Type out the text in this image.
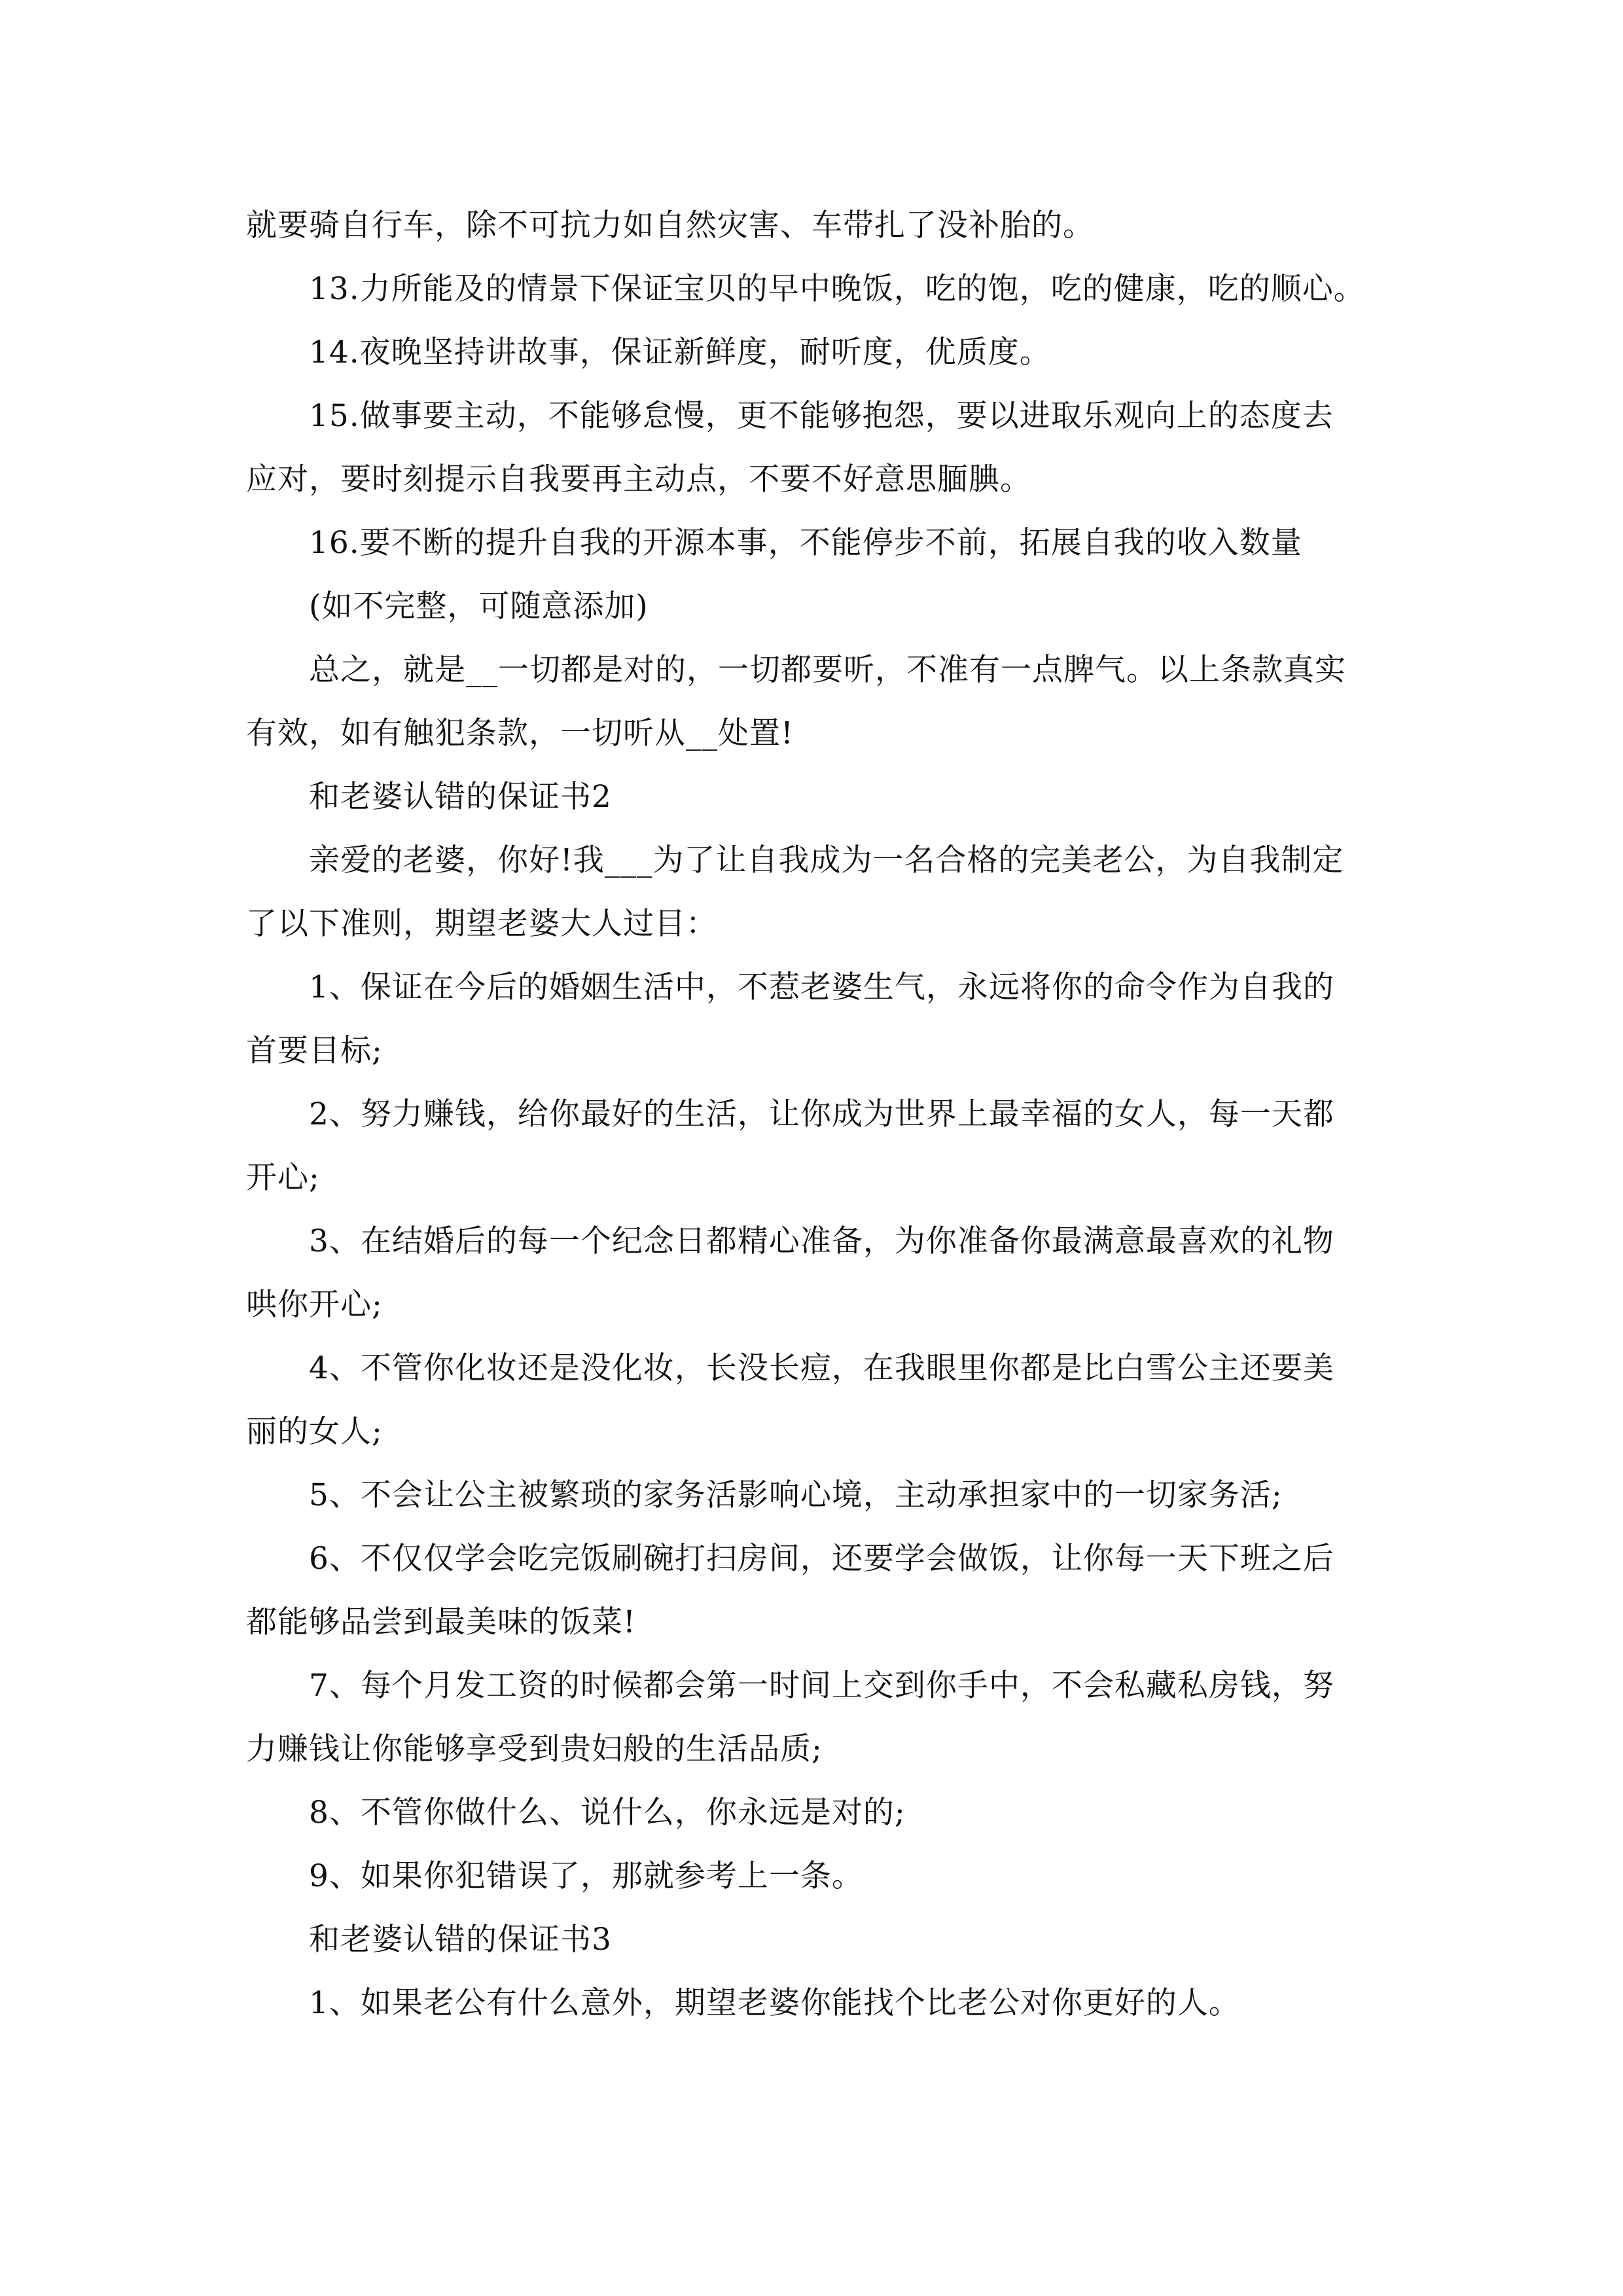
就要骑自行车，除不可抗力如自然灾害、车带扎了没补胎的。
13.力所能及的情景下保证宝贝的早中晚饭，吃的饱，吃的健康，吃的顺心。
14.夜晚坚持讲故事，保证新鲜度，耐听度，优质度。
15.做事要主动，不能够怠慢，更不能够抱怨，要以进取乐观向上的态度去
应对，要时刻提示自我要再主动点，不要不好意思腼腆。
16.要不断的提升自我的开源本事，不能停步不前，拓展自我的收入数量
(如不完整，可随意添加)
总之，就是__一切都是对的，一切都要听，不准有一点脾气。以上条款真实
有效，如有触犯条款，一切听从__处置!
和老婆认错的保证书2
亲爱的老婆，你好!我___为了让自我成为一名合格的完美老公，为自我制定
了以下准则，期望老婆大人过目：
1、保证在今后的婚姻生活中，不惹老婆生气，永远将你的命令作为自我的
首要目标;
2、努力赚钱，给你最好的生活，让你成为世界上最幸福的女人，每一天都
开心;
3、在结婚后的每一个纪念日都精心准备，为你准备你最满意最喜欢的礼物
哄你开心;
4、不管你化妆还是没化妆，长没长痘，在我眼里你都是比白雪公主还要美
丽的女人;
5、不会让公主被繁琐的家务活影响心境，主动承担家中的一切家务活;
6、不仅仅学会吃完饭刷碗打扫房间，还要学会做饭，让你每一天下班之后
都能够品尝到最美味的饭菜!
7、每个月发工资的时候都会第一时间上交到你手中，不会私藏私房钱，努
力赚钱让你能够享受到贵妇般的生活品质;
8、不管你做什么、说什么，你永远是对的;
9、如果你犯错误了，那就参考上一条。
和老婆认错的保证书3
1、如果老公有什么意外，期望老婆你能找个比老公对你更好的人。
